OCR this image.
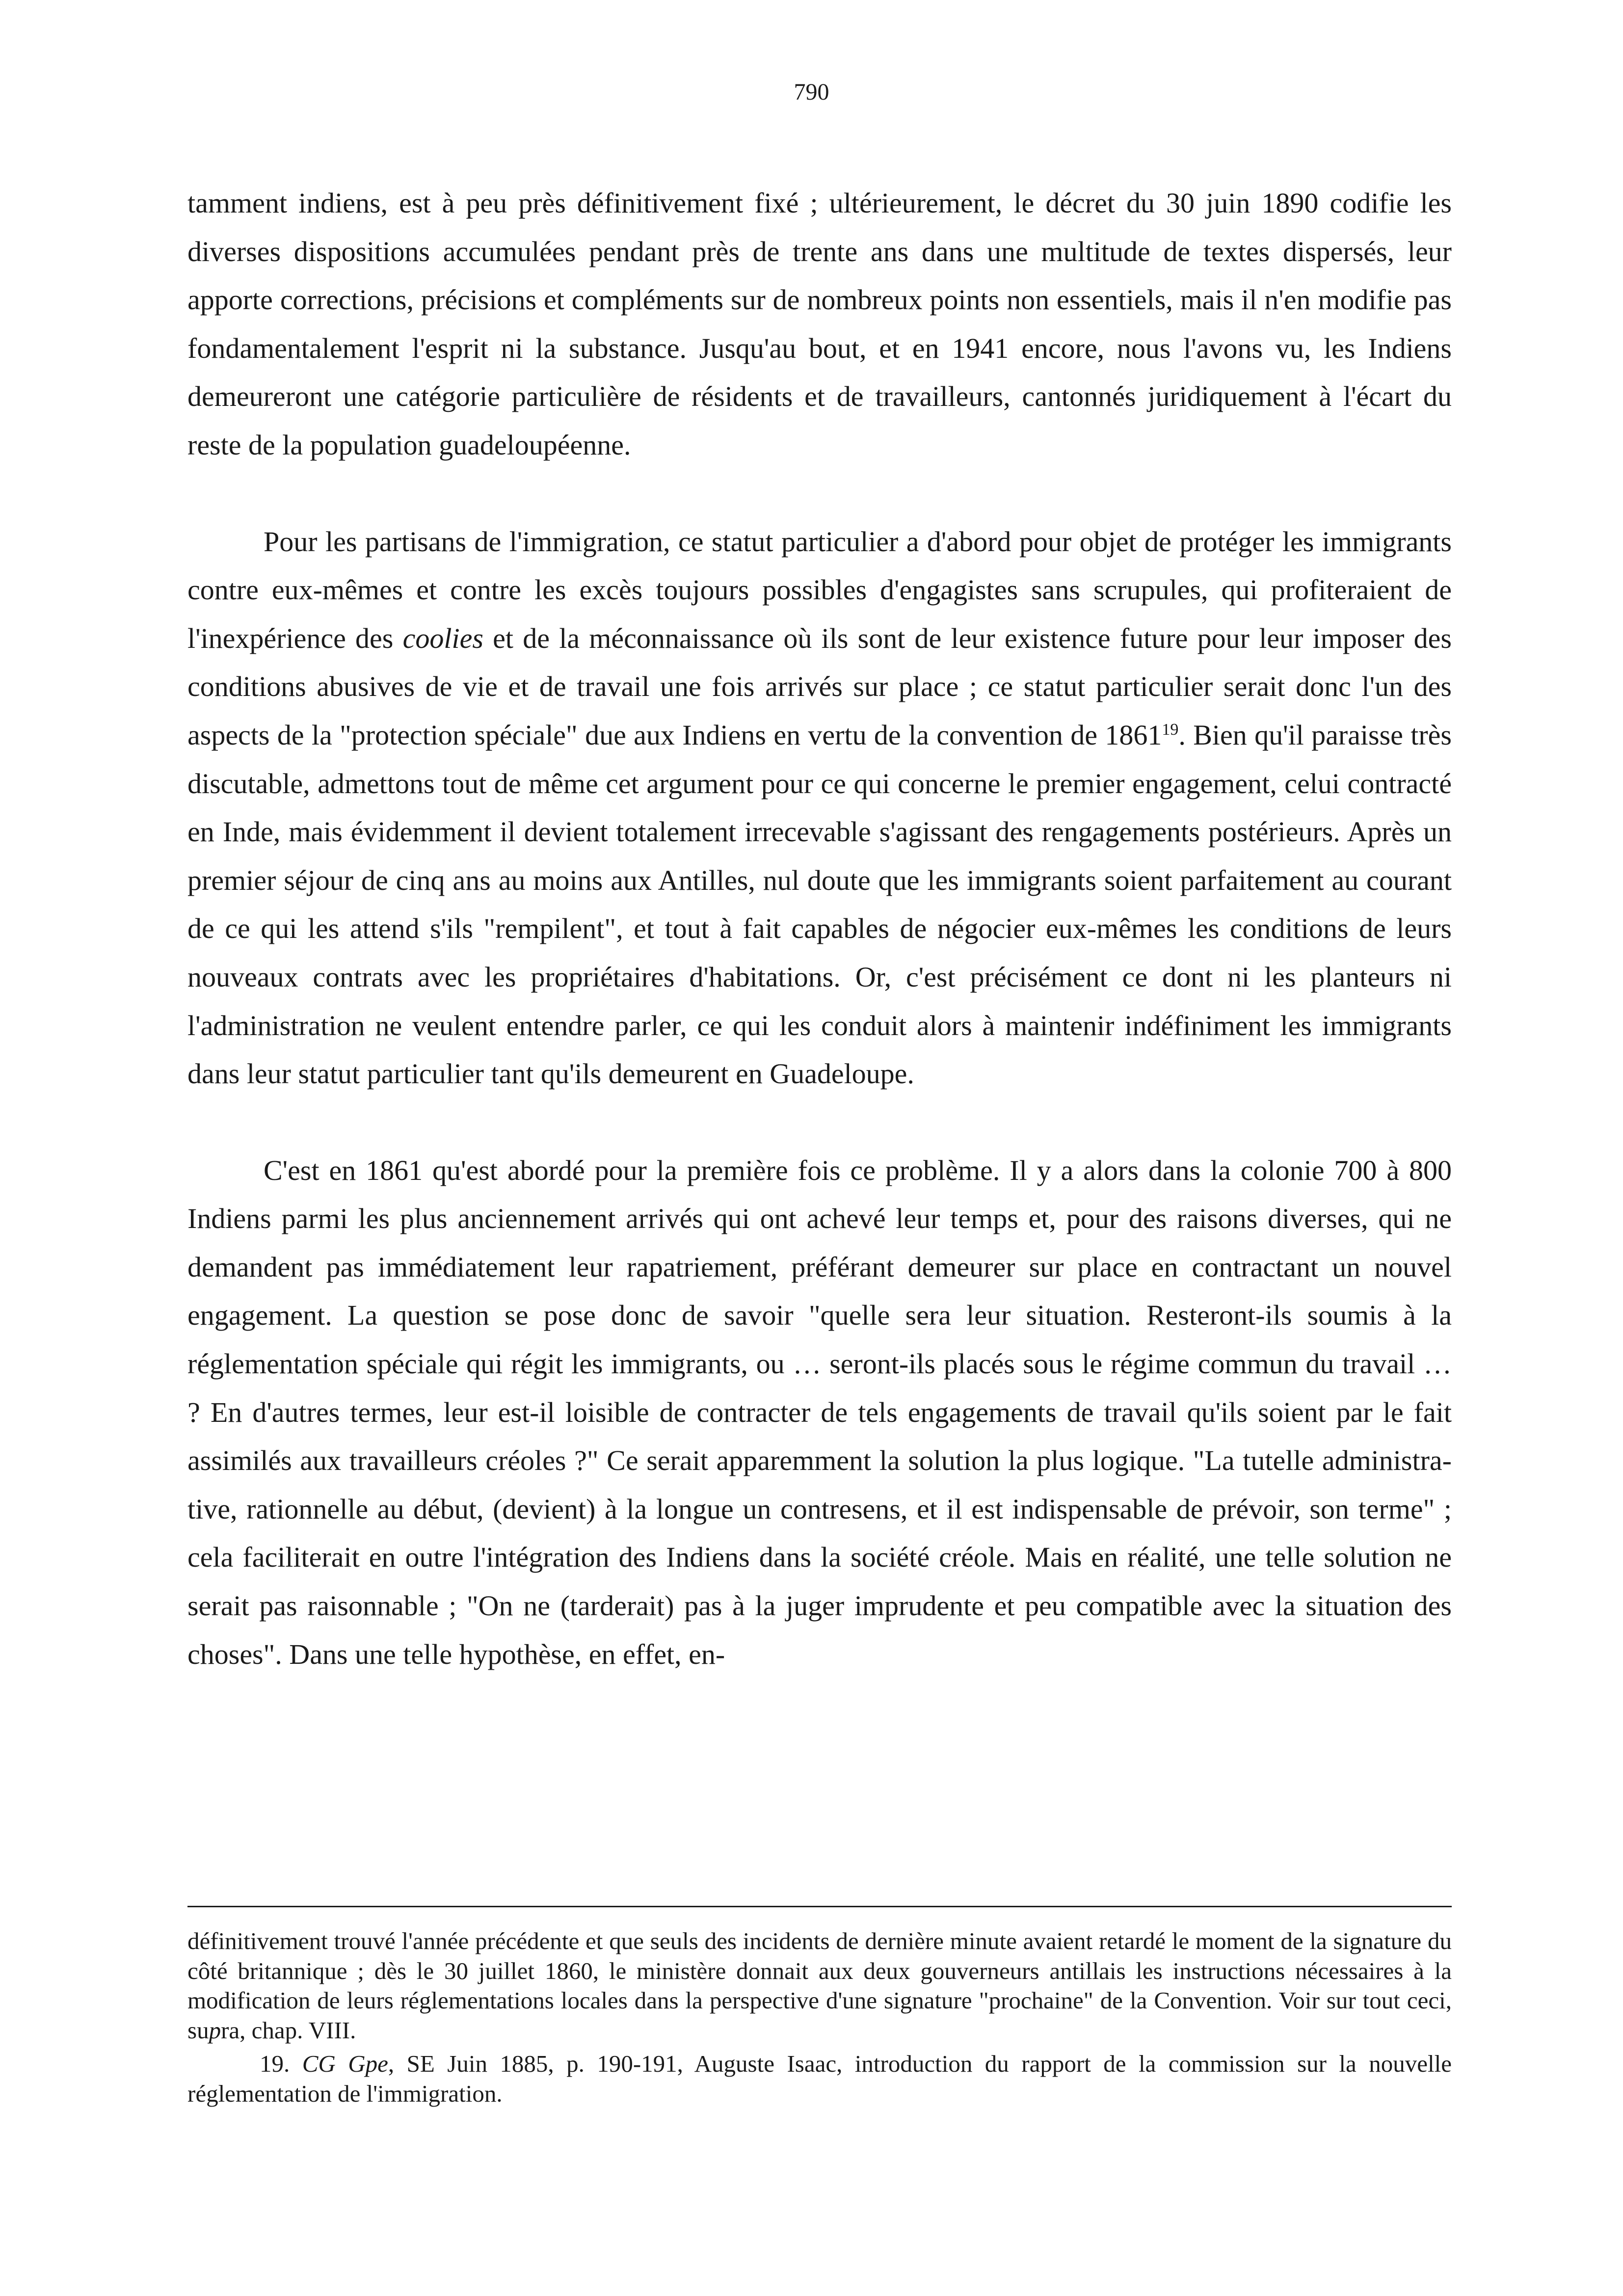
790

tamment indiens, est à peu près définitivement fixé ; ultérieurement, le décret du 30 juin 1890 codifie les diverses dispositions accumulées pendant près de trente ans dans une multitude de textes dispersés, leur apporte corrections, précisions et compléments sur de nombreux points non essentiels, mais il n'en modifie pas fondamentalement l'esprit ni la substance. Jusqu'au bout, et en 1941 encore, nous l'avons vu, les Indiens demeureront une catégorie particulière de résidents et de travailleurs, cantonnés juridiquement à l'écart du reste de la population guadeloupéenne.

Pour les partisans de l'immigration, ce statut particulier a d'abord pour objet de protéger les immigrants contre eux-mêmes et contre les excès toujours possibles d'engagistes sans scrupules, qui profiteraient de l'inexpérience des coolies et de la méconnaissance où ils sont de leur existence future pour leur imposer des conditions abusives de vie et de travail une fois arrivés sur place ; ce statut particulier serait donc l'un des aspects de la "protection spéciale" due aux Indiens en vertu de la convention de 1861$^{19}$. Bien qu'il paraisse très discutable, admettons tout de même cet argument pour ce qui concerne le premier engagement, celui contracté en Inde, mais évidemment il devient totalement irrecevable s'agissant des rengagements postérieurs. Après un premier séjour de cinq ans au moins aux Antilles, nul doute que les immigrants soient parfaitement au courant de ce qui les attend s'ils "rempilent", et tout à fait capables de négocier eux-mêmes les conditions de leurs nouveaux contrats avec les propriétaires d'habitations. Or, c'est précisément ce dont ni les planteurs ni l'administration ne veulent entendre parler, ce qui les conduit alors à maintenir indéfiniment les immigrants dans leur statut particulier tant qu'ils demeurent en Guadeloupe.

C'est en 1861 qu'est abordé pour la première fois ce problème. Il y a alors dans la colonie 700 à 800 Indiens parmi les plus anciennement arrivés qui ont achevé leur temps et, pour des raisons diverses, qui ne demandent pas immédiatement leur rapatriement, préférant demeurer sur place en contractant un nouvel engagement. La question se pose donc de savoir "quelle sera leur situation. Resteront-ils soumis à la réglementation spéciale qui régit les immigrants, ou … seront-ils placés sous le régime commun du travail … ? En d'autres termes, leur est-il loisible de contracter de tels engagements de travail qu'ils soient par le fait assimilés aux travailleurs créoles ?" Ce serait apparemment la solution la plus logique. "La tutelle administrative, rationnelle au début, (devient) à la longue un contresens, et il est indispensable de prévoir, son terme" ; cela faciliterait en outre l'intégration des Indiens dans la société créole. Mais en réalité, une telle solution ne serait pas raisonnable ; "On ne (tarderait) pas à la juger imprudente et peu compatible avec la situation des choses". Dans une telle hypothèse, en effet, en-

définitivement trouvé l'année précédente et que seuls des incidents de dernière minute avaient retardé le moment de la signature du côté britannique ; dès le 30 juillet 1860, le ministère donnait aux deux gouverneurs antillais les instructions nécessaires à la modification de leurs réglementations locales dans la perspective d'une signature "prochaine" de la Convention. Voir sur tout ceci, supra, chap. VIII.

19. CG Gpe, SE Juin 1885, p. 190-191, Auguste Isaac, introduction du rapport de la commission sur la nouvelle réglementation de l'immigration.
